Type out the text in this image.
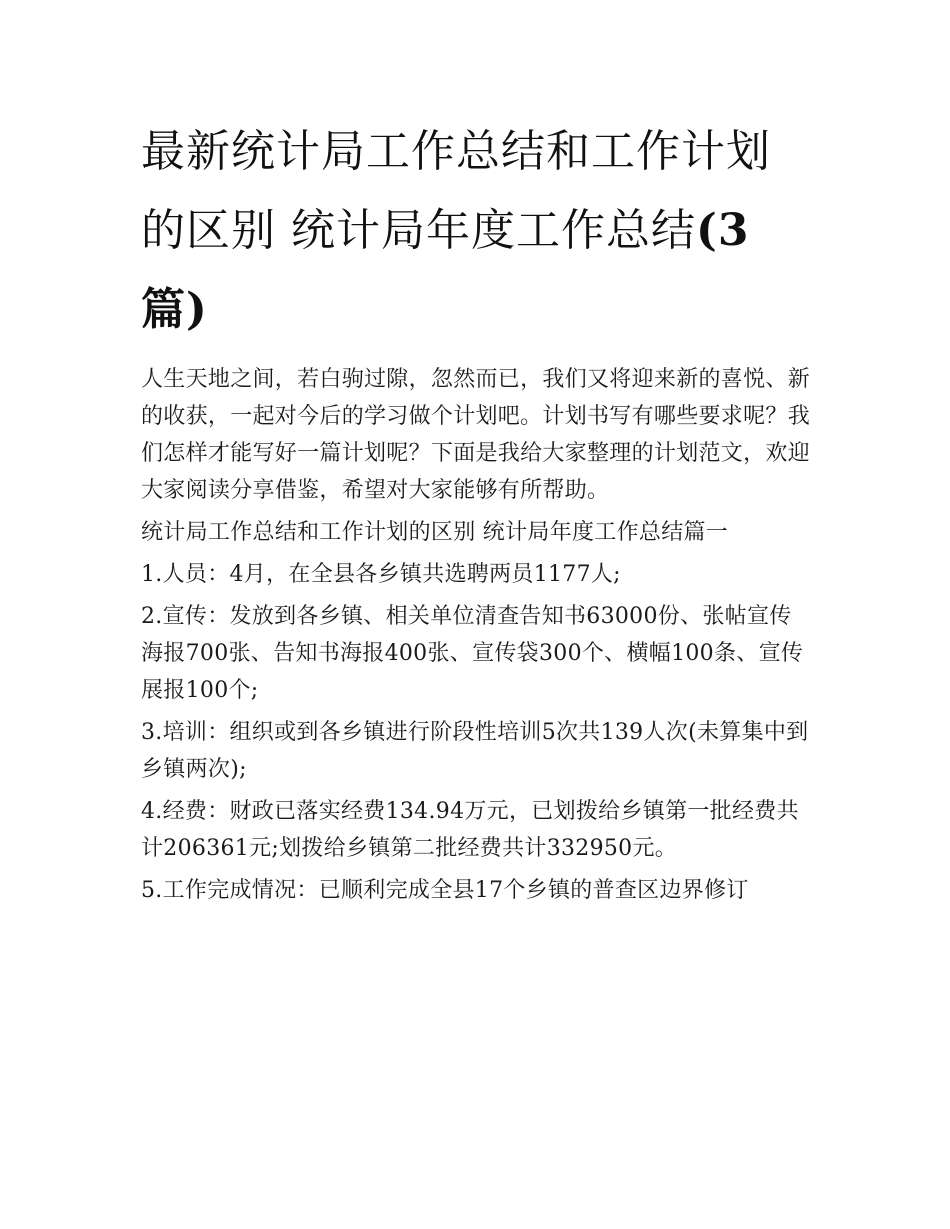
最新统计局工作总结和工作计划的区别 统计局年度工作总结(3篇)

人生天地之间，若白驹过隙，忽然而已，我们又将迎来新的喜悦、新的收获，一起对今后的学习做个计划吧。计划书写有哪些要求呢？我们怎样才能写好一篇计划呢？下面是我给大家整理的计划范文，欢迎大家阅读分享借鉴，希望对大家能够有所帮助。

统计局工作总结和工作计划的区别 统计局年度工作总结篇一

1.人员：4月，在全县各乡镇共选聘两员1177人;

2.宣传：发放到各乡镇、相关单位清查告知书63000份、张帖宣传海报700张、告知书海报400张、宣传袋300个、横幅100条、宣传展报100个;

3.培训：组织或到各乡镇进行阶段性培训5次共139人次(未算集中到乡镇两次);

4.经费：财政已落实经费134.94万元，已划拨给乡镇第一批经费共计206361元;划拨给乡镇第二批经费共计332950元。

5.工作完成情况：已顺利完成全县17个乡镇的普查区边界修订
